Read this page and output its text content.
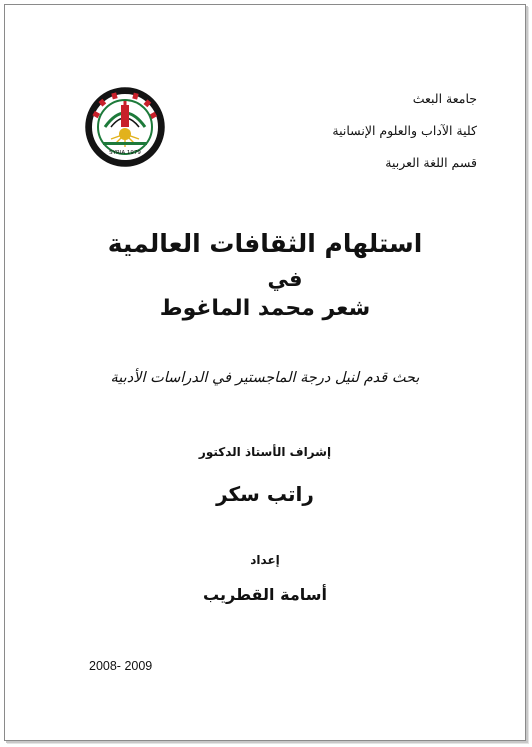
جامعة البعث
كلية الآداب والعلوم الإنسانية
قسم اللغة العربية
SYRIA 1979
استلهام الثقافات العالمية
في
شعر محمد الماغوط
بحث قدم لنيل درجة الماجستير في الدراسات الأدبية
إشراف الأستاذ الدكتور
راتب سكر
إعداد
أسامة القطريب
2008- 2009
